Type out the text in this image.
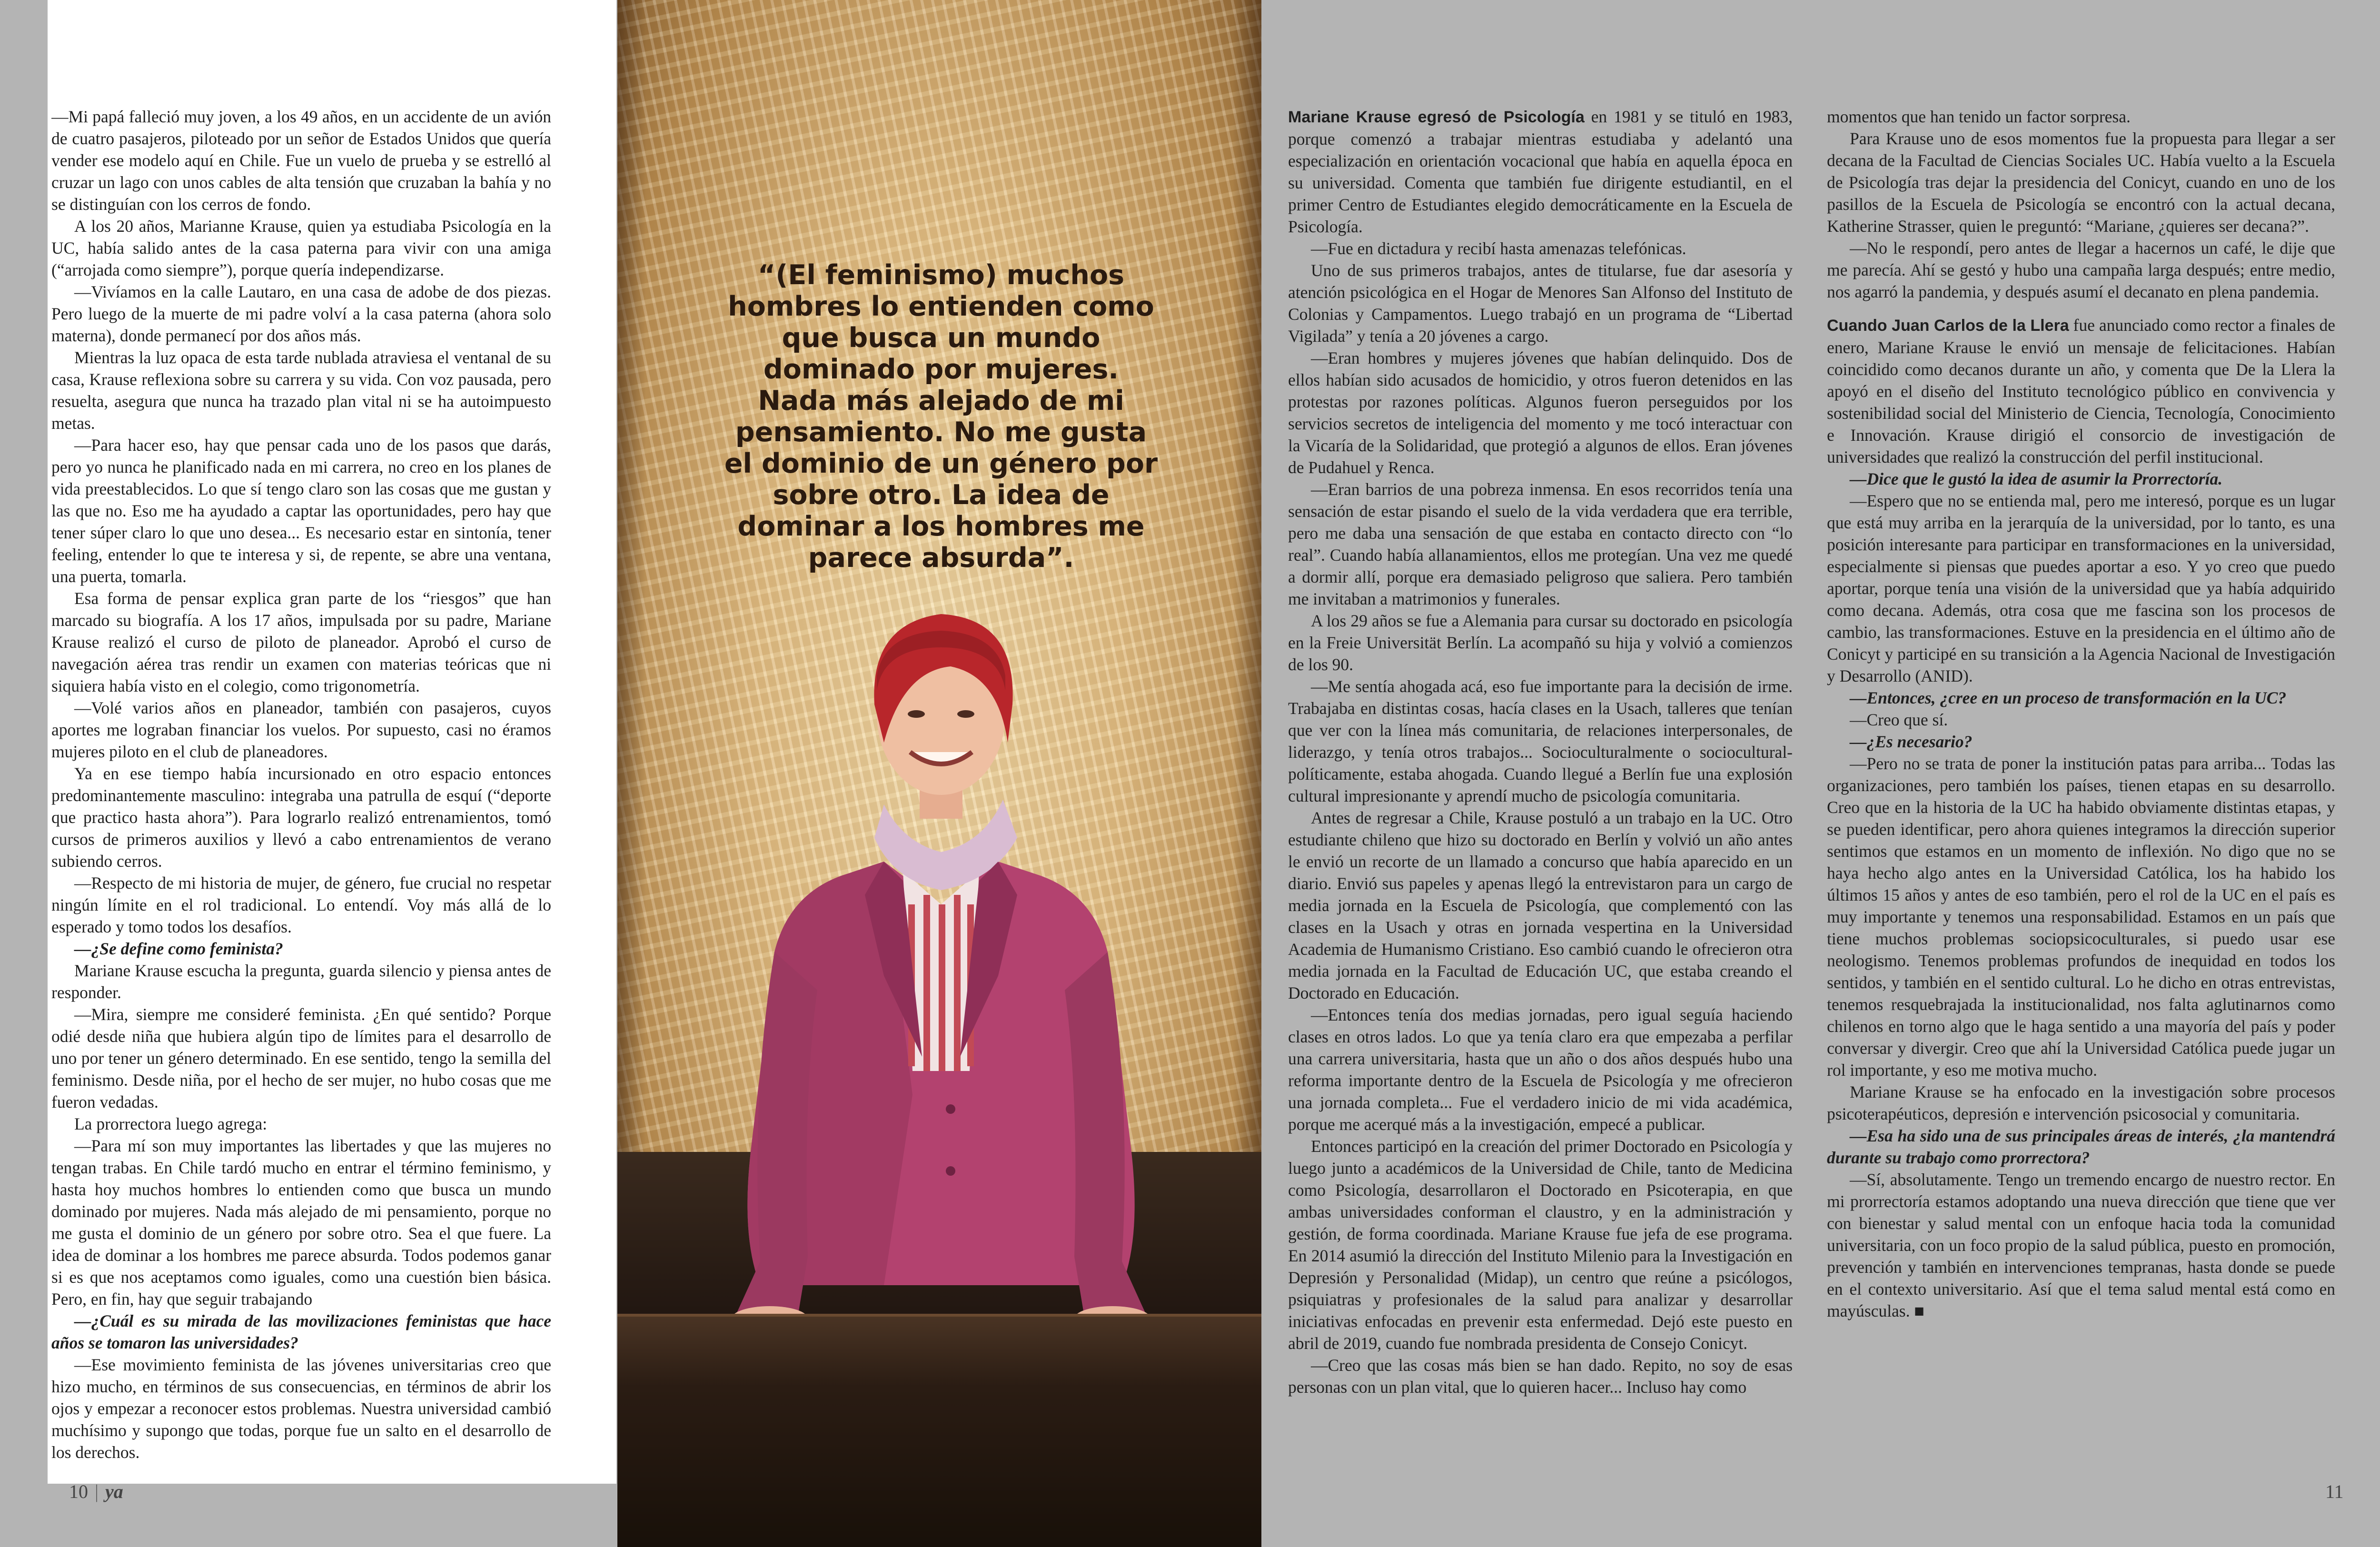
—Mi papá falleció muy joven, a los 49 años, en un accidente de un avión de cuatro pasajeros, piloteado por un señor de Estados Unidos que quería vender ese modelo aquí en Chile. Fue un vuelo de prueba y se estrelló al cruzar un lago con unos cables de alta tensión que cruzaban la bahía y no se distinguían con los cerros de fondo.

A los 20 años, Marianne Krause, quien ya estudiaba Psicología en la UC, había salido antes de la casa paterna para vivir con una amiga (“arrojada como siempre”), porque quería independizarse.

—Vivíamos en la calle Lautaro, en una casa de adobe de dos piezas. Pero luego de la muerte de mi padre volví a la casa paterna (ahora solo materna), donde permanecí por dos años más.

Mientras la luz opaca de esta tarde nublada atraviesa el ventanal de su casa, Krause reflexiona sobre su carrera y su vida. Con voz pausada, pero resuelta, asegura que nunca ha trazado plan vital ni se ha autoimpuesto metas.

—Para hacer eso, hay que pensar cada uno de los pasos que darás, pero yo nunca he planificado nada en mi carrera, no creo en los planes de vida preestablecidos. Lo que sí tengo claro son las cosas que me gustan y las que no. Eso me ha ayudado a captar las oportunidades, pero hay que tener súper claro lo que uno desea... Es necesario estar en sintonía, tener feeling, entender lo que te interesa y si, de repente, se abre una ventana, una puerta, tomarla.

Esa forma de pensar explica gran parte de los “riesgos” que han marcado su biografía. A los 17 años, impulsada por su padre, Mariane Krause realizó el curso de piloto de planeador. Aprobó el curso de navegación aérea tras rendir un examen con materias teóricas que ni siquiera había visto en el colegio, como trigonometría.

—Volé varios años en planeador, también con pasajeros, cuyos aportes me lograban financiar los vuelos. Por supuesto, casi no éramos mujeres piloto en el club de planeadores.

Ya en ese tiempo había incursionado en otro espacio entonces predominantemente masculino: integraba una patrulla de esquí (“deporte que practico hasta ahora”). Para lograrlo realizó entrenamientos, tomó cursos de primeros auxilios y llevó a cabo entrenamientos de verano subiendo cerros.

—Respecto de mi historia de mujer, de género, fue crucial no respetar ningún límite en el rol tradicional. Lo entendí. Voy más allá de lo esperado y tomo todos los desafíos.

—¿Se define como feminista?

Mariane Krause escucha la pregunta, guarda silencio y piensa antes de responder.

—Mira, siempre me consideré feminista. ¿En qué sentido? Porque odié desde niña que hubiera algún tipo de límites para el desarrollo de uno por tener un género determinado. En ese sentido, tengo la semilla del feminismo. Desde niña, por el hecho de ser mujer, no hubo cosas que me fueron vedadas.

La prorrectora luego agrega:

—Para mí son muy importantes las libertades y que las mujeres no tengan trabas. En Chile tardó mucho en entrar el término feminismo, y hasta hoy muchos hombres lo entienden como que busca un mundo dominado por mujeres. Nada más alejado de mi pensamiento, porque no me gusta el dominio de un género por sobre otro. Sea el que fuere. La idea de dominar a los hombres me parece absurda. Todos podemos ganar si es que nos aceptamos como iguales, como una cuestión bien básica. Pero, en fin, hay que seguir trabajando

—¿Cuál es su mirada de las movilizaciones feministas que hace años se tomaron las universidades?

—Ese movimiento feminista de las jóvenes universitarias creo que hizo mucho, en términos de sus consecuencias, en términos de abrir los ojos y empezar a reconocer estos problemas. Nuestra universidad cambió muchísimo y supongo que todas, porque fue un salto en el desarrollo de los derechos.

“(El feminismo) muchos hombres lo entienden como que busca un mundo dominado por mujeres. Nada más alejado de mi pensamiento. No me gusta el dominio de un género por sobre otro. La idea de dominar a los hombres me parece absurda”.

Mariane Krause egresó de Psicología en 1981 y se tituló en 1983, porque comenzó a trabajar mientras estudiaba y adelantó una especialización en orientación vocacional que había en aquella época en su universidad. Comenta que también fue dirigente estudiantil, en el primer Centro de Estudiantes elegido democráticamente en la Escuela de Psicología.

—Fue en dictadura y recibí hasta amenazas telefónicas.

Uno de sus primeros trabajos, antes de titularse, fue dar asesoría y atención psicológica en el Hogar de Menores San Alfonso del Instituto de Colonias y Campamentos. Luego trabajó en un programa de “Libertad Vigilada” y tenía a 20 jóvenes a cargo.

—Eran hombres y mujeres jóvenes que habían delinquido. Dos de ellos habían sido acusados de homicidio, y otros fueron detenidos en las protestas por razones políticas. Algunos fueron perseguidos por los servicios secretos de inteligencia del momento y me tocó interactuar con la Vicaría de la Solidaridad, que protegió a algunos de ellos. Eran jóvenes de Pudahuel y Renca.

—Eran barrios de una pobreza inmensa. En esos recorridos tenía una sensación de estar pisando el suelo de la vida verdadera que era terrible, pero me daba una sensación de que estaba en contacto directo con “lo real”. Cuando había allanamientos, ellos me protegían. Una vez me quedé a dormir allí, porque era demasiado peligroso que saliera. Pero también me invitaban a matrimonios y funerales.

A los 29 años se fue a Alemania para cursar su doctorado en psicología en la Freie Universität Berlín. La acompañó su hija y volvió a comienzos de los 90.

—Me sentía ahogada acá, eso fue importante para la decisión de irme. Trabajaba en distintas cosas, hacía clases en la Usach, talleres que tenían que ver con la línea más comunitaria, de relaciones interpersonales, de liderazgo, y tenía otros trabajos... Socioculturalmente o sociocultural-políticamente, estaba ahogada. Cuando llegué a Berlín fue una explosión cultural impresionante y aprendí mucho de psicología comunitaria.

Antes de regresar a Chile, Krause postuló a un trabajo en la UC. Otro estudiante chileno que hizo su doctorado en Berlín y volvió un año antes le envió un recorte de un llamado a concurso que había aparecido en un diario. Envió sus papeles y apenas llegó la entrevistaron para un cargo de media jornada en la Escuela de Psicología, que complementó con las clases en la Usach y otras en jornada vespertina en la Universidad Academia de Humanismo Cristiano. Eso cambió cuando le ofrecieron otra media jornada en la Facultad de Educación UC, que estaba creando el Doctorado en Educación.

—Entonces tenía dos medias jornadas, pero igual seguía haciendo clases en otros lados. Lo que ya tenía claro era que empezaba a perfilar una carrera universitaria, hasta que un año o dos años después hubo una reforma importante dentro de la Escuela de Psicología y me ofrecieron una jornada completa... Fue el verdadero inicio de mi vida académica, porque me acerqué más a la investigación, empecé a publicar.

Entonces participó en la creación del primer Doctorado en Psicología y luego junto a académicos de la Universidad de Chile, tanto de Medicina como Psicología, desarrollaron el Doctorado en Psicoterapia, en que ambas universidades conforman el claustro, y en la administración y gestión, de forma coordinada. Mariane Krause fue jefa de ese programa. En 2014 asumió la dirección del Instituto Milenio para la Investigación en Depresión y Personalidad (Midap), un centro que reúne a psicólogos, psiquiatras y profesionales de la salud para analizar y desarrollar iniciativas enfocadas en prevenir esta enfermedad. Dejó este puesto en abril de 2019, cuando fue nombrada presidenta de Consejo Conicyt.

—Creo que las cosas más bien se han dado. Repito, no soy de esas personas con un plan vital, que lo quieren hacer... Incluso hay como

momentos que han tenido un factor sorpresa.

Para Krause uno de esos momentos fue la propuesta para llegar a ser decana de la Facultad de Ciencias Sociales UC. Había vuelto a la Escuela de Psicología tras dejar la presidencia del Conicyt, cuando en uno de los pasillos de la Escuela de Psicología se encontró con la actual decana, Katherine Strasser, quien le preguntó: “Mariane, ¿quieres ser decana?”.

—No le respondí, pero antes de llegar a hacernos un café, le dije que me parecía. Ahí se gestó y hubo una campaña larga después; entre medio, nos agarró la pandemia, y después asumí el decanato en plena pandemia.

Cuando Juan Carlos de la Llera fue anunciado como rector a finales de enero, Mariane Krause le envió un mensaje de felicitaciones. Habían coincidido como decanos durante un año, y comenta que De la Llera la apoyó en el diseño del Instituto tecnológico público en convivencia y sostenibilidad social del Ministerio de Ciencia, Tecnología, Conocimiento e Innovación. Krause dirigió el consorcio de investigación de universidades que realizó la construcción del perfil institucional.

—Dice que le gustó la idea de asumir la Prorrectoría.

—Espero que no se entienda mal, pero me interesó, porque es un lugar que está muy arriba en la jerarquía de la universidad, por lo tanto, es una posición interesante para participar en transformaciones en la universidad, especialmente si piensas que puedes aportar a eso. Y yo creo que puedo aportar, porque tenía una visión de la universidad que ya había adquirido como decana. Además, otra cosa que me fascina son los procesos de cambio, las transformaciones. Estuve en la presidencia en el último año de Conicyt y participé en su transición a la Agencia Nacional de Investigación y Desarrollo (ANID).

—Entonces, ¿cree en un proceso de transformación en la UC?

—Creo que sí.

—¿Es necesario?

—Pero no se trata de poner la institución patas para arriba... Todas las organizaciones, pero también los países, tienen etapas en su desarrollo. Creo que en la historia de la UC ha habido obviamente distintas etapas, y se pueden identificar, pero ahora quienes integramos la dirección superior sentimos que estamos en un momento de inflexión. No digo que no se haya hecho algo antes en la Universidad Católica, los ha habido los últimos 15 años y antes de eso también, pero el rol de la UC en el país es muy importante y tenemos una responsabilidad. Estamos en un país que tiene muchos problemas sociopsicoculturales, si puedo usar ese neologismo. Tenemos problemas profundos de inequidad en todos los sentidos, y también en el sentido cultural. Lo he dicho en otras entrevistas, tenemos resquebrajada la institucionalidad, nos falta aglutinarnos como chilenos en torno algo que le haga sentido a una mayoría del país y poder conversar y divergir. Creo que ahí la Universidad Católica puede jugar un rol importante, y eso me motiva mucho.

Mariane Krause se ha enfocado en la investigación sobre procesos psicoterapéuticos, depresión e intervención psicosocial y comunitaria.

—Esa ha sido una de sus principales áreas de interés, ¿la mantendrá durante su trabajo como prorrectora?

—Sí, absolutamente. Tengo un tremendo encargo de nuestro rector. En mi prorrectoría estamos adoptando una nueva dirección que tiene que ver con bienestar y salud mental con un enfoque hacia toda la comunidad universitaria, con un foco propio de la salud pública, puesto en promoción, prevención y también en intervenciones tempranas, hasta donde se puede en el contexto universitario. Así que el tema salud mental está como en mayúsculas. ■

10 | ya	11
